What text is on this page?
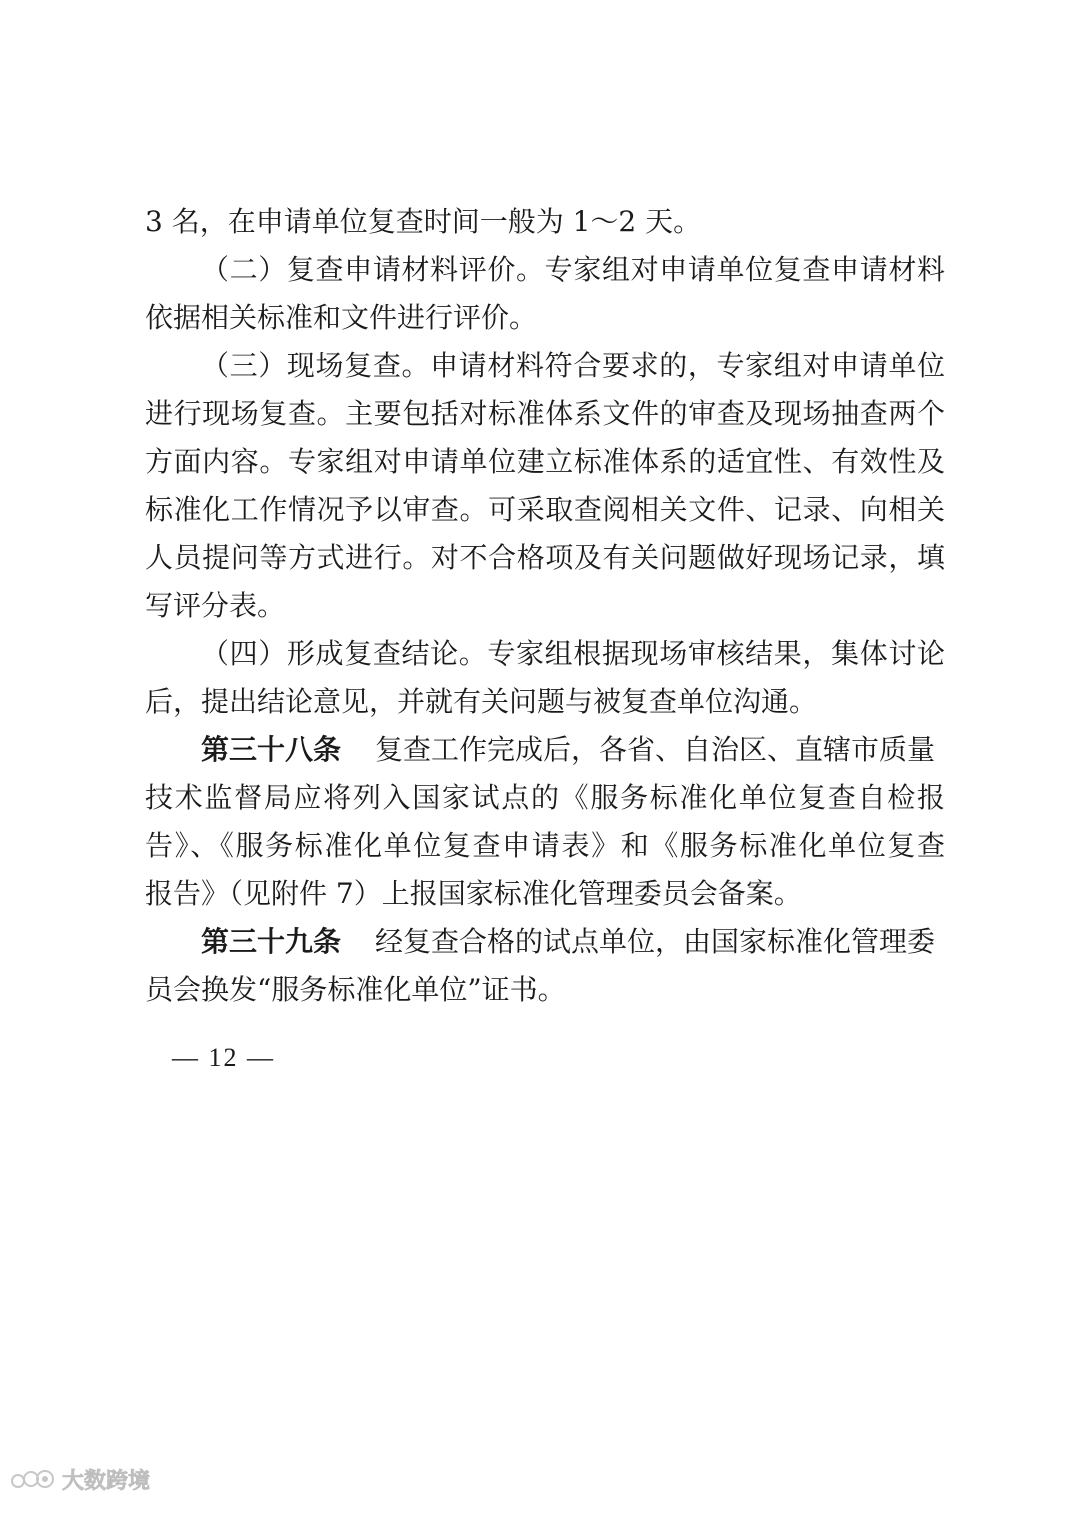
3 名，在申请单位复查时间一般为 1～2 天。
（二）复查申请材料评价。专家组对申请单位复查申请材料
依据相关标准和文件进行评价。
（三）现场复查。申请材料符合要求的，专家组对申请单位
进行现场复查。主要包括对标准体系文件的审查及现场抽查两个
方面内容。专家组对申请单位建立标准体系的适宜性、有效性及
标准化工作情况予以审查。可采取查阅相关文件、记录、向相关
人员提问等方式进行。对不合格项及有关问题做好现场记录，填
写评分表。
（四）形成复查结论。专家组根据现场审核结果，集体讨论
后，提出结论意见，并就有关问题与被复查单位沟通。
第三十八条 复查工作完成后，各省、自治区、直辖市质量
技术监督局应将列入国家试点的《服务标准化单位复查自检报
告》、《服务标准化单位复查申请表》和《服务标准化单位复查
报告》（见附件 7）上报国家标准化管理委员会备案。
第三十九条 经复查合格的试点单位，由国家标准化管理委
员会换发“服务标准化单位”证书。
— 12 —
大数跨境
